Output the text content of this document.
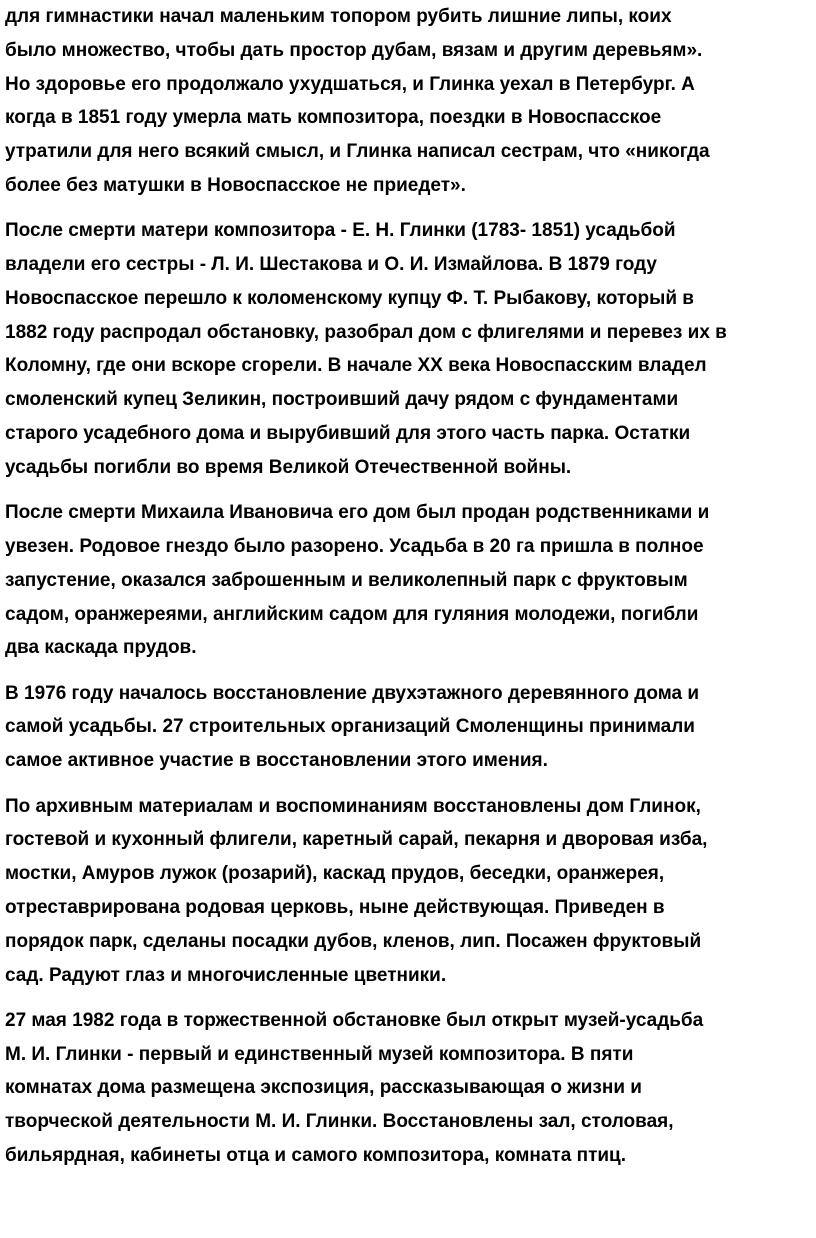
для гимнастики начал маленьким топором рубить лишние липы, коих
было множество, чтобы дать простор дубам, вязам и другим деревьям».
Но здоровье его продолжало ухудшаться, и Глинка уехал в Петербург. А
когда в 1851 году умерла мать композитора, поездки в Новоспасское
утратили для него всякий смысл, и Глинка написал сестрам, что «никогда
более без матушки в Новоспасское не приедет».
После смерти матери композитора - Е. Н. Глинки (1783- 1851) усадьбой
владели его сестры - Л. И. Шестакова и О. И. Измайлова. В 1879 году
Новоспасское перешло к коломенскому купцу Ф. Т. Рыбакову, который в
1882 году распродал обстановку, разобрал дом с флигелями и перевез их в
Коломну, где они вскоре сгорели. В начале ХХ века Новоспасским владел
смоленский купец Зеликин, построивший дачу рядом с фундаментами
старого усадебного дома и вырубивший для этого часть парка. Остатки
усадьбы погибли во время Великой Отечественной войны.
После смерти Михаила Ивановича его дом был продан родственниками и
увезен. Родовое гнездо было разорено. Усадьба в 20 га пришла в полное
запустение, оказался заброшенным и великолепный парк с фруктовым
садом, оранжереями, английским садом для гуляния молодежи, погибли
два каскада прудов.
В 1976 году началось восстановление двухэтажного деревянного дома и
самой усадьбы. 27 строительных организаций Смоленщины принимали
самое активное участие в восстановлении этого имения.
По архивным материалам и воспоминаниям восстановлены дом Глинок,
гостевой и кухонный флигели, каретный сарай, пекарня и дворовая изба,
мостки, Амуров лужок (розарий), каскад прудов, беседки, оранжерея,
отреставрирована родовая церковь, ныне действующая. Приведен в
порядок парк, сделаны посадки дубов, кленов, лип. Посажен фруктовый
сад. Радуют глаз и многочисленные цветники.
27 мая 1982 года в торжественной обстановке был открыт музей-усадьба
М. И. Глинки - первый и единственный музей композитора. В пяти
комнатах дома размещена экспозиция, рассказывающая о жизни и
творческой деятельности М. И. Глинки. Восстановлены зал, столовая,
бильярдная, кабинеты отца и самого композитора, комната птиц.
